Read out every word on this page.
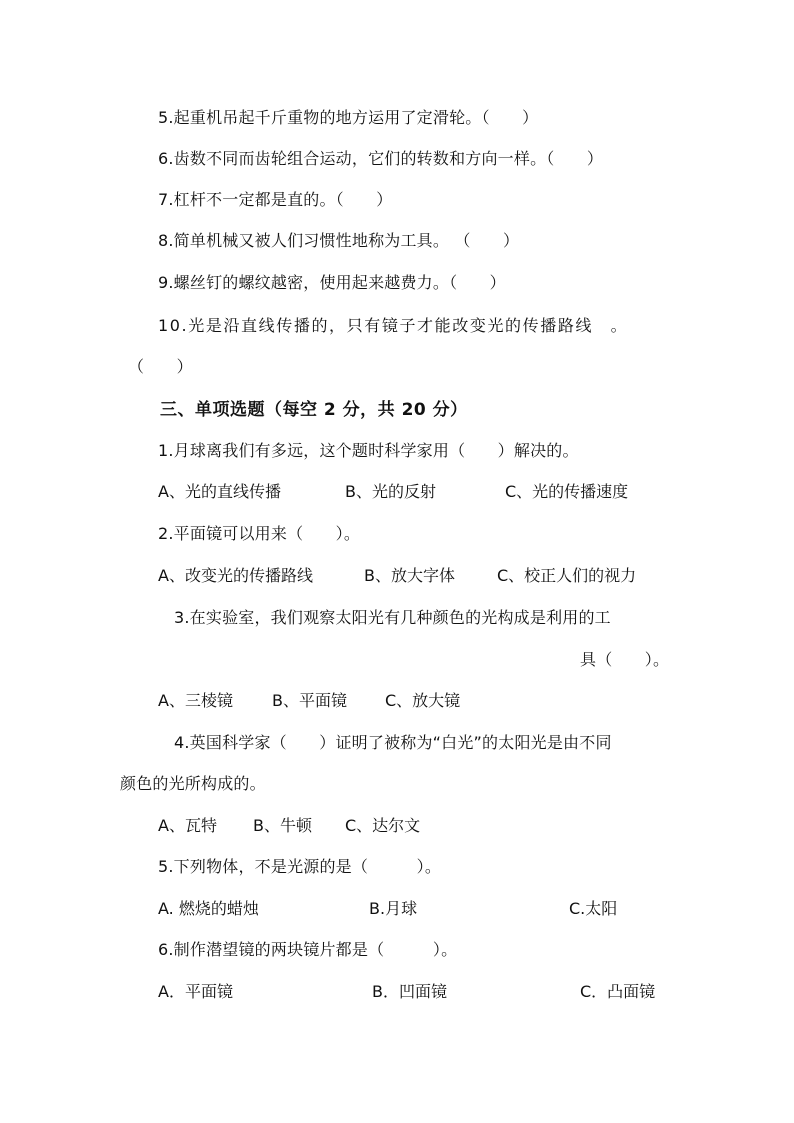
5.起重机吊起千斤重物的地方运用了定滑轮。（　　）
6.齿数不同而齿轮组合运动，它们的转数和方向一样。（　　）
7.杠杆不一定都是直的。（　　）
8.简单机械又被人们习惯性地称为工具。 （　　）
9.螺丝钉的螺纹越密，使用起来越费力。（　　）
10.光是沿直线传播的，只有镜子才能改变光的传播路线　。
（　　）
三、单项选题（每空 2 分，共 20 分）
1.月球离我们有多远，这个题时科学家用（　　）解决的。
A、光的直线传播	B、光的反射	C、光的传播速度
2.平面镜可以用来（　　）。
A、改变光的传播路线	B、放大字体	C、校正人们的视力
3.在实验室，我们观察太阳光有几种颜色的光构成是利用的工
具（　　）。
A、三棱镜 B、平面镜 C、放大镜
4.英国科学家（　　）证明了被称为“白光”的太阳光是由不同
颜色的光所构成的。
A、瓦特 B、牛顿 C、达尔文
5.下列物体，不是光源的是（　　　）。
A. 燃烧的蜡烛	B.月球	C.太阳
6.制作潜望镜的两块镜片都是（　　　）。
A．平面镜	B．凹面镜	C．凸面镜
